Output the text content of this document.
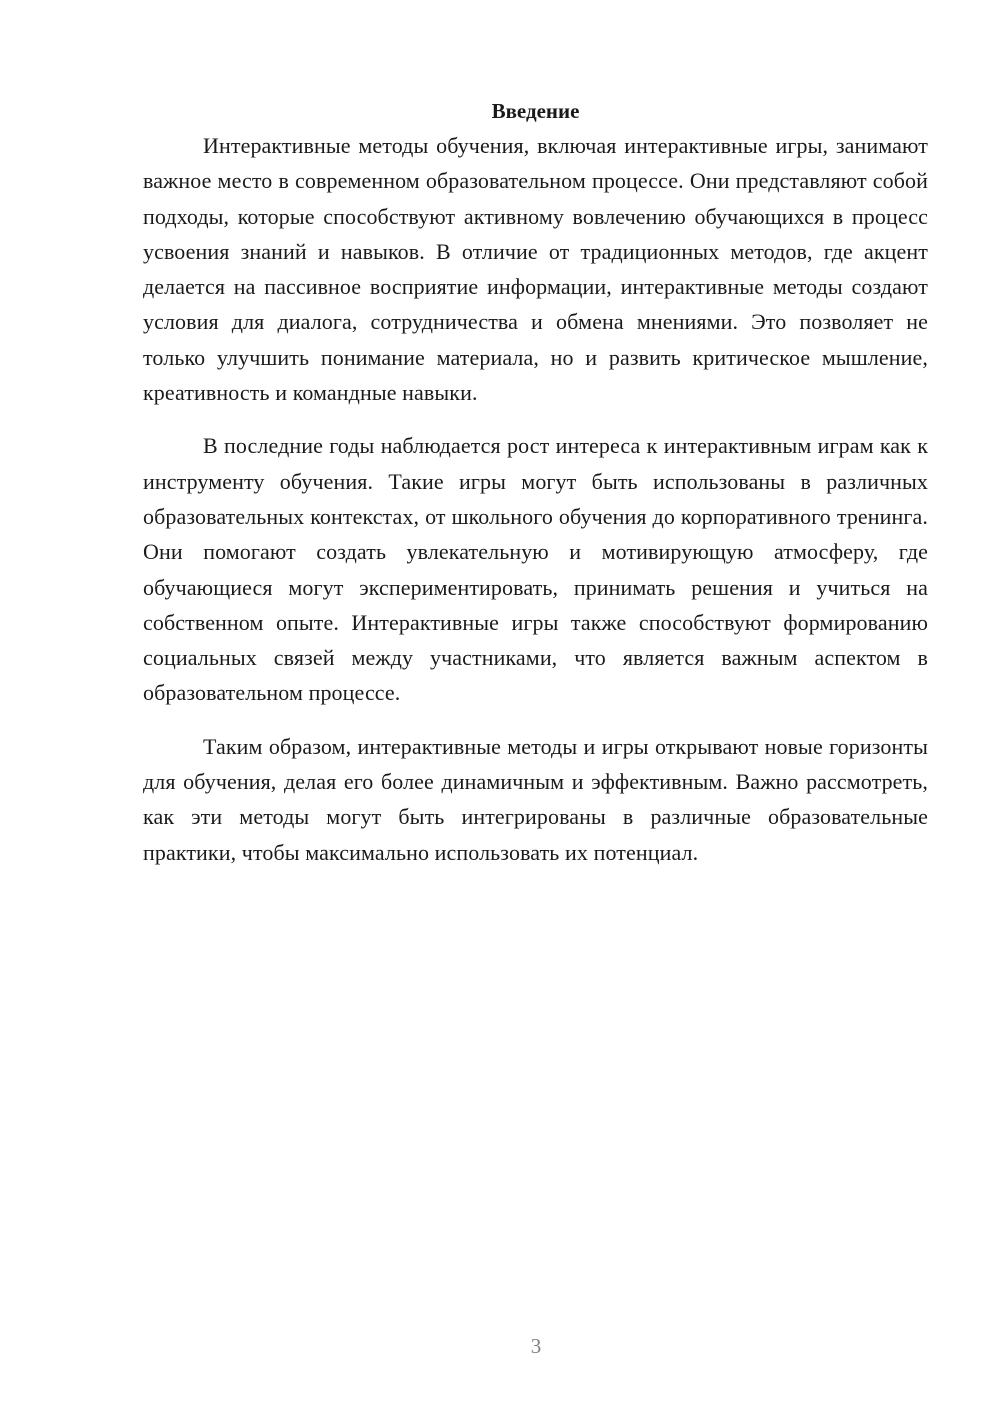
Введение

Интерактивные методы обучения, включая интерактивные игры, занимают важное место в современном образовательном процессе. Они представляют собой подходы, которые способствуют активному вовлечению обучающихся в процесс усвоения знаний и навыков. В отличие от традиционных методов, где акцент делается на пассивное восприятие информации, интерактивные методы создают условия для диалога, сотрудничества и обмена мнениями. Это позволяет не только улучшить понимание материала, но и развить критическое мышление, креативность и командные навыки.

В последние годы наблюдается рост интереса к интерактивным играм как к инструменту обучения. Такие игры могут быть использованы в различных образовательных контекстах, от школьного обучения до корпоративного тренинга. Они помогают создать увлекательную и мотивирующую атмосферу, где обучающиеся могут экспериментировать, принимать решения и учиться на собственном опыте. Интерактивные игры также способствуют формированию социальных связей между участниками, что является важным аспектом в образовательном процессе.

Таким образом, интерактивные методы и игры открывают новые горизонты для обучения, делая его более динамичным и эффективным. Важно рассмотреть, как эти методы могут быть интегрированы в различные образовательные практики, чтобы максимально использовать их потенциал.

3
